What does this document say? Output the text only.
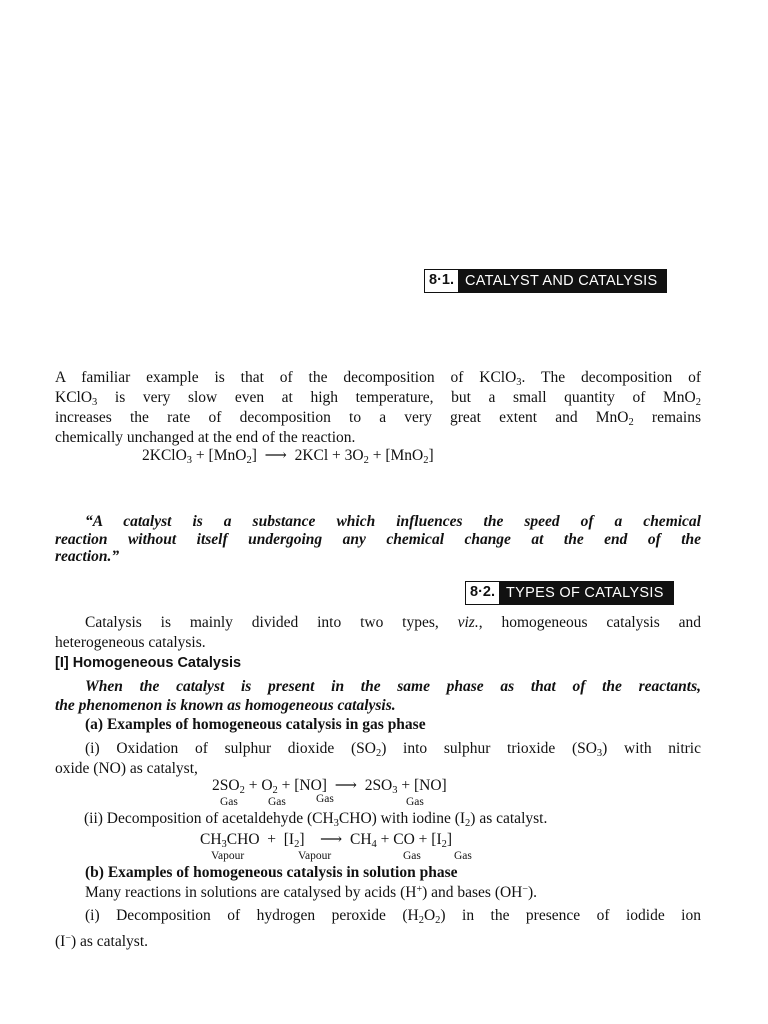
8·1. CATALYST AND CATALYSIS
A familiar example is that of the decomposition of KClO$_3$. The decomposition of
KClO$_3$ is very slow even at high temperature, but a small quantity of MnO$_2$
increases the rate of decomposition to a very great extent and MnO$_2$ remains
chemically unchanged at the end of the reaction.
2KClO$_3$ + [MnO$_2$]  ⟶  $2KCl + 3O_2 + [MnO_2]$
“A catalyst is a substance which influences the speed of a chemical
reaction without itself undergoing any chemical change at the end of the
reaction.”
8·2. TYPES OF CATALYSIS
Catalysis is mainly divided into two types, viz., homogeneous catalysis and
heterogeneous catalysis.
[I] Homogeneous Catalysis
When the catalyst is present in the same phase as that of the reactants,
the phenomenon is known as homogeneous catalysis.
(a) Examples of homogeneous catalysis in gas phase
(i) Oxidation of sulphur dioxide $(SO_2)$ into sulphur trioxide $(SO_3)$ with nitric
oxide (NO) as catalyst,
$2SO_2 + O_2 + [NO]$  ⟶  $2SO_3 + [NO]$
Gas	Gas	Gas	Gas
(ii) Decomposition of acetaldehyde $(CH_3CHO)$ with iodine $(I_2)$ as catalyst.
$CH_3CHO + [I_2]$    ⟶  $CH_4$ + CO + $[I_2]$
Vapour	Vapour	Gas	Gas
(b) Examples of homogeneous catalysis in solution phase
Many reactions in solutions are catalysed by acids (H+) and bases (OH−).
(i) Decomposition of hydrogen peroxide $(H_2O_2)$ in the presence of iodide ion
(I−) as catalyst.
